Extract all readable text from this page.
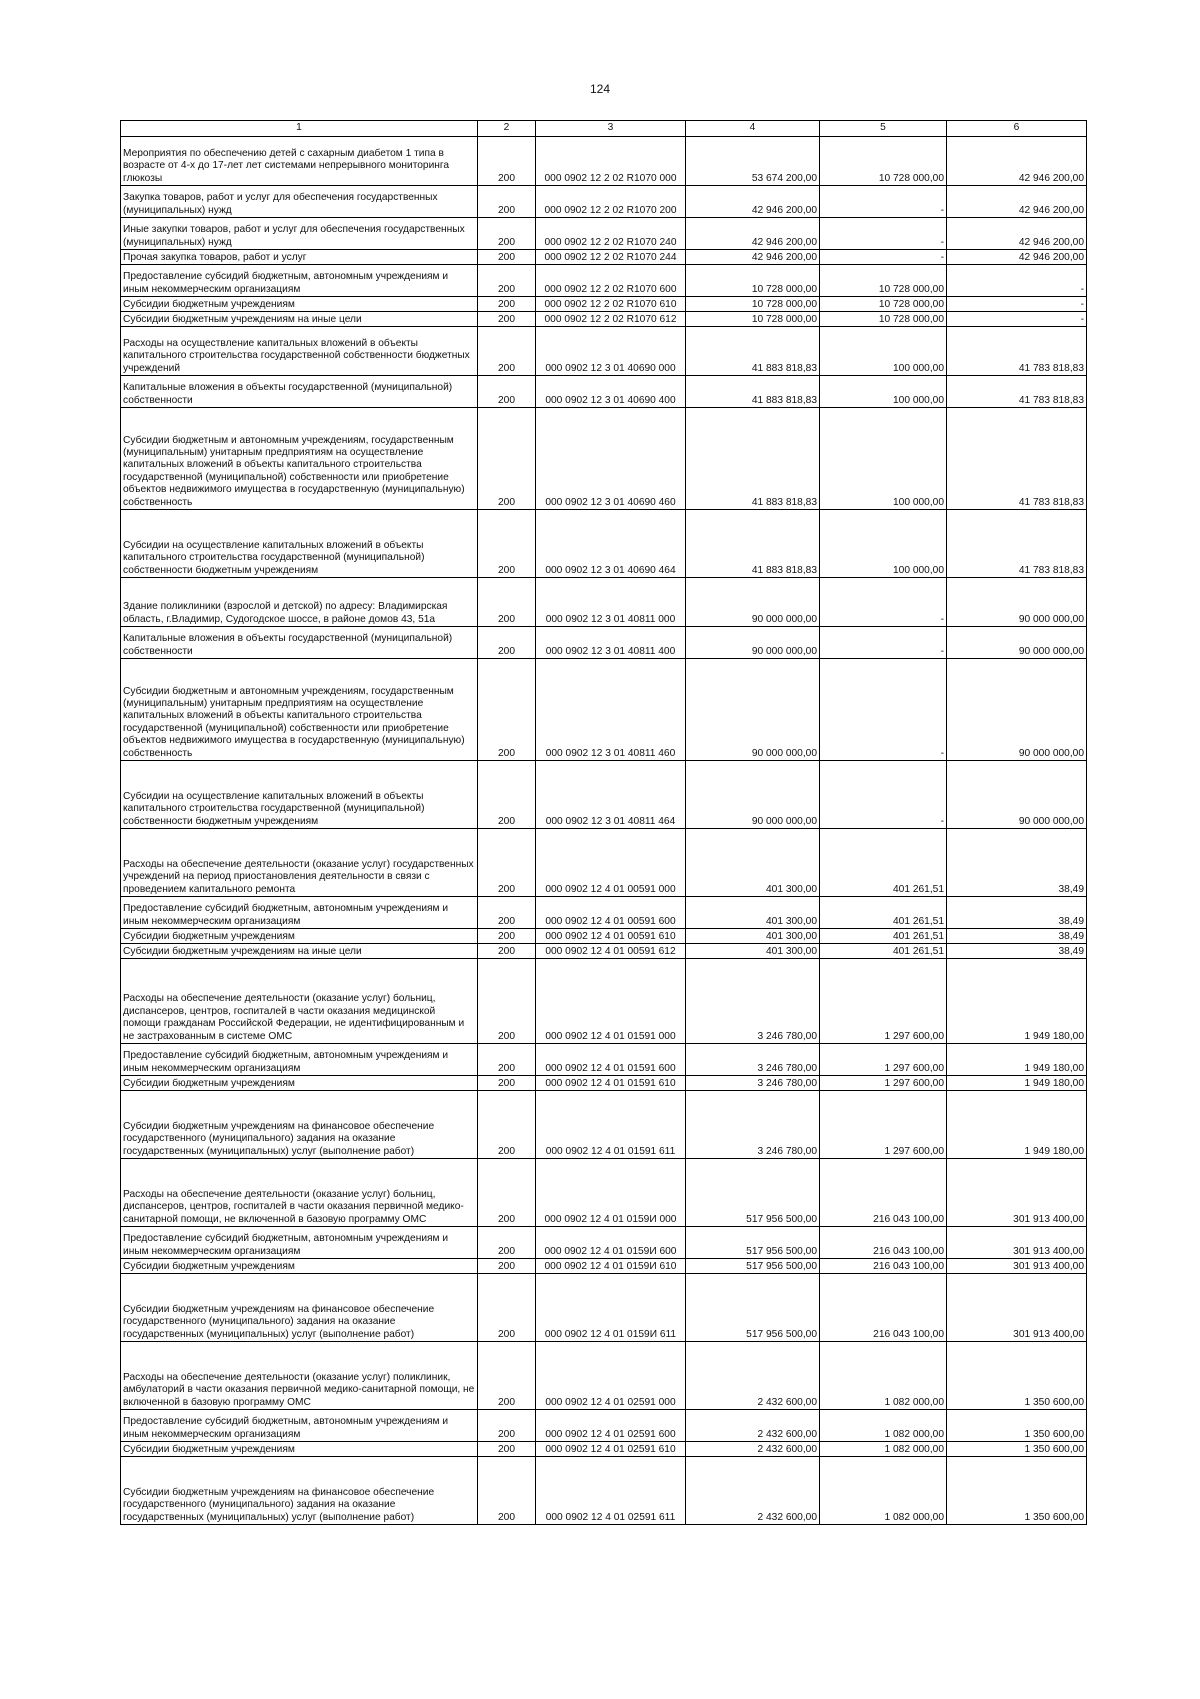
124
1	2	3	4	5	6
Мероприятия по обеспечению детей с сахарным диабетом 1 типа в возрасте от 4-х до 17-лет лет системами непрерывного мониторинга глюкозы	200	000 0902 12 2 02 R1070 000	53 674 200,00	10 728 000,00	42 946 200,00
Закупка товаров, работ и услуг для обеспечения государственных (муниципальных) нужд	200	000 0902 12 2 02 R1070 200	42 946 200,00	-	42 946 200,00
Иные закупки товаров, работ и услуг для обеспечения государственных (муниципальных) нужд	200	000 0902 12 2 02 R1070 240	42 946 200,00	-	42 946 200,00
Прочая закупка товаров, работ и услуг	200	000 0902 12 2 02 R1070 244	42 946 200,00	-	42 946 200,00
Предоставление субсидий бюджетным, автономным учреждениям и иным некоммерческим организациям	200	000 0902 12 2 02 R1070 600	10 728 000,00	10 728 000,00	-
Субсидии бюджетным учреждениям	200	000 0902 12 2 02 R1070 610	10 728 000,00	10 728 000,00	-
Субсидии бюджетным учреждениям на иные цели	200	000 0902 12 2 02 R1070 612	10 728 000,00	10 728 000,00	-
Расходы на осуществление капитальных вложений в объекты капитального строительства государственной собственности бюджетных учреждений	200	000 0902 12 3 01 40690 000	41 883 818,83	100 000,00	41 783 818,83
Капитальные вложения в объекты государственной (муниципальной) собственности	200	000 0902 12 3 01 40690 400	41 883 818,83	100 000,00	41 783 818,83
Субсидии бюджетным и автономным учреждениям, государственным (муниципальным) унитарным предприятиям на осуществление капитальных вложений в объекты капитального строительства государственной (муниципальной) собственности или приобретение объектов недвижимого имущества в государственную (муниципальную) собственность	200	000 0902 12 3 01 40690 460	41 883 818,83	100 000,00	41 783 818,83
Субсидии на осуществление капитальных вложений в объекты капитального строительства государственной (муниципальной) собственности бюджетным учреждениям	200	000 0902 12 3 01 40690 464	41 883 818,83	100 000,00	41 783 818,83
Здание поликлиники (взрослой и детской) по адресу: Владимирская область, г.Владимир, Судогодское шоссе, в районе домов 43, 51а	200	000 0902 12 3 01 40811 000	90 000 000,00	-	90 000 000,00
Капитальные вложения в объекты государственной (муниципальной) собственности	200	000 0902 12 3 01 40811 400	90 000 000,00	-	90 000 000,00
Субсидии бюджетным и автономным учреждениям, государственным (муниципальным) унитарным предприятиям на осуществление капитальных вложений в объекты капитального строительства государственной (муниципальной) собственности или приобретение объектов недвижимого имущества в государственную (муниципальную) собственность	200	000 0902 12 3 01 40811 460	90 000 000,00	-	90 000 000,00
Субсидии на осуществление капитальных вложений в объекты капитального строительства государственной (муниципальной) собственности бюджетным учреждениям	200	000 0902 12 3 01 40811 464	90 000 000,00	-	90 000 000,00
Расходы на обеспечение деятельности (оказание услуг) государственных учреждений на период приостановления деятельности в связи с проведением капитального ремонта	200	000 0902 12 4 01 00591 000	401 300,00	401 261,51	38,49
Предоставление субсидий бюджетным, автономным учреждениям и иным некоммерческим организациям	200	000 0902 12 4 01 00591 600	401 300,00	401 261,51	38,49
Субсидии бюджетным учреждениям	200	000 0902 12 4 01 00591 610	401 300,00	401 261,51	38,49
Субсидии бюджетным учреждениям на иные цели	200	000 0902 12 4 01 00591 612	401 300,00	401 261,51	38,49
Расходы на обеспечение деятельности (оказание услуг) больниц, диспансеров, центров, госпиталей в части оказания медицинской помощи гражданам Российской Федерации, не идентифицированным и не застрахованным в системе ОМС	200	000 0902 12 4 01 01591 000	3 246 780,00	1 297 600,00	1 949 180,00
Предоставление субсидий бюджетным, автономным учреждениям и иным некоммерческим организациям	200	000 0902 12 4 01 01591 600	3 246 780,00	1 297 600,00	1 949 180,00
Субсидии бюджетным учреждениям	200	000 0902 12 4 01 01591 610	3 246 780,00	1 297 600,00	1 949 180,00
Субсидии бюджетным учреждениям на финансовое обеспечение государственного (муниципального) задания на оказание государственных (муниципальных) услуг (выполнение работ)	200	000 0902 12 4 01 01591 611	3 246 780,00	1 297 600,00	1 949 180,00
Расходы на обеспечение деятельности (оказание услуг) больниц, диспансеров, центров, госпиталей в части оказания первичной медико-санитарной помощи, не включенной в базовую программу ОМС	200	000 0902 12 4 01 0159И 000	517 956 500,00	216 043 100,00	301 913 400,00
Предоставление субсидий бюджетным, автономным учреждениям и иным некоммерческим организациям	200	000 0902 12 4 01 0159И 600	517 956 500,00	216 043 100,00	301 913 400,00
Субсидии бюджетным учреждениям	200	000 0902 12 4 01 0159И 610	517 956 500,00	216 043 100,00	301 913 400,00
Субсидии бюджетным учреждениям на финансовое обеспечение государственного (муниципального) задания на оказание государственных (муниципальных) услуг (выполнение работ)	200	000 0902 12 4 01 0159И 611	517 956 500,00	216 043 100,00	301 913 400,00
Расходы на обеспечение деятельности (оказание услуг) поликлиник, амбулаторий в части оказания первичной медико-санитарной помощи, не включенной в базовую программу ОМС	200	000 0902 12 4 01 02591 000	2 432 600,00	1 082 000,00	1 350 600,00
Предоставление субсидий бюджетным, автономным учреждениям и иным некоммерческим организациям	200	000 0902 12 4 01 02591 600	2 432 600,00	1 082 000,00	1 350 600,00
Субсидии бюджетным учреждениям	200	000 0902 12 4 01 02591 610	2 432 600,00	1 082 000,00	1 350 600,00
Субсидии бюджетным учреждениям на финансовое обеспечение государственного (муниципального) задания на оказание государственных (муниципальных) услуг (выполнение работ)	200	000 0902 12 4 01 02591 611	2 432 600,00	1 082 000,00	1 350 600,00
